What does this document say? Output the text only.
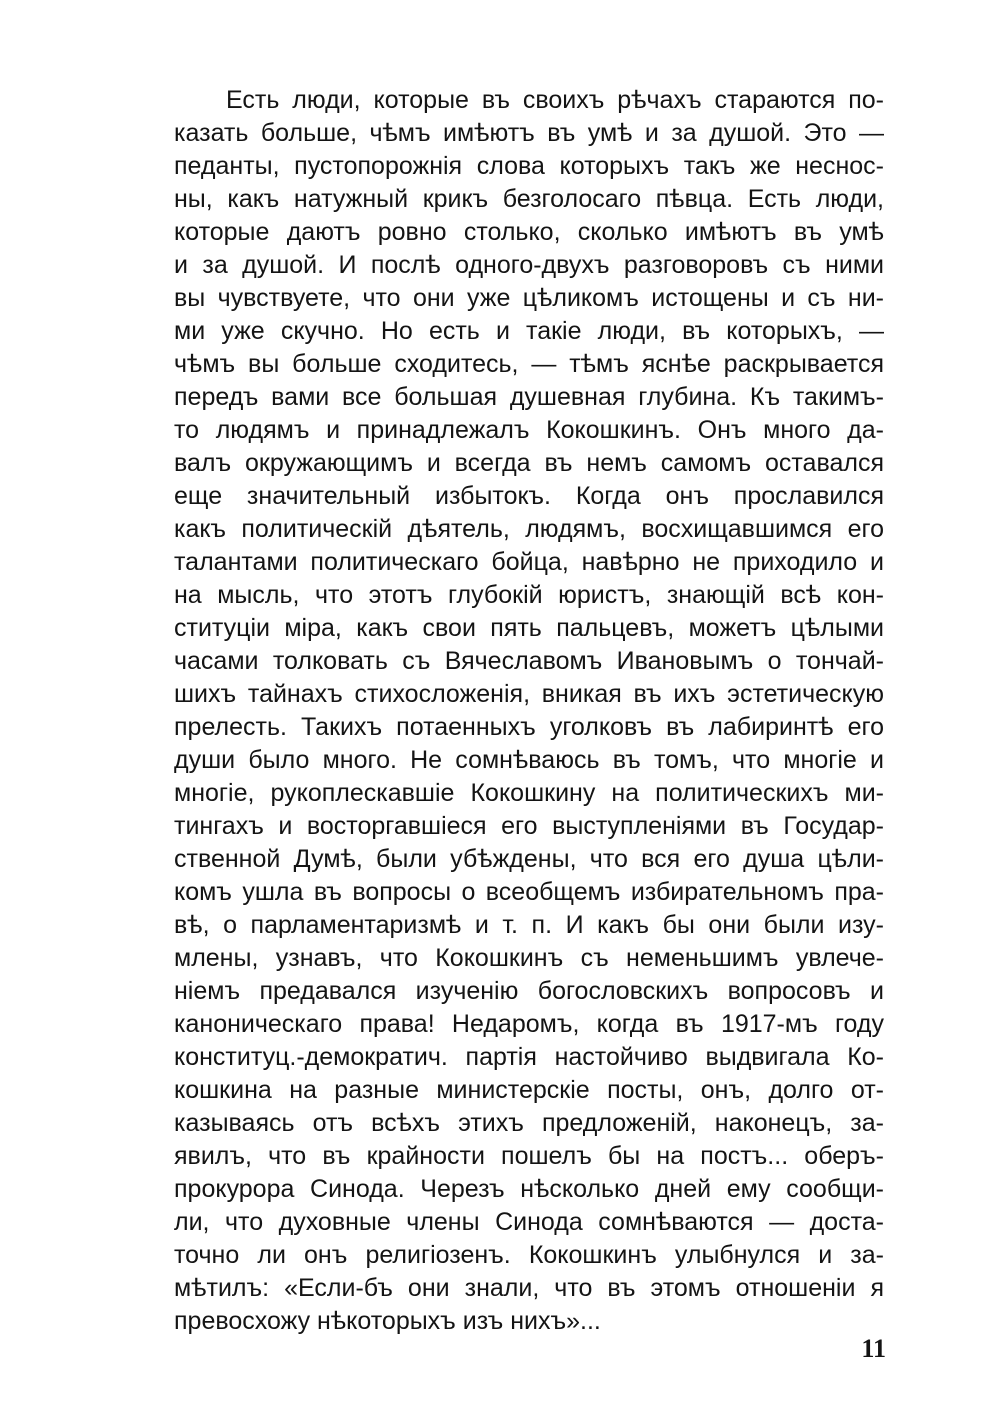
Есть люди, которые въ своихъ рѣчахъ стараются по-
казать больше, чѣмъ имѣютъ въ умѣ и за душой. Это —
педанты, пустопорожнія слова которыхъ такъ же неснос-
ны, какъ натужный крикъ безголосаго пѣвца. Есть люди,
которые даютъ ровно столько, сколько имѣютъ въ умѣ
и за душой. И послѣ одного-двухъ разговоровъ съ ними
вы чувствуете, что они уже цѣликомъ истощены и съ ни-
ми уже скучно. Но есть и такіе люди, въ которыхъ, —
чѣмъ вы больше сходитесь, — тѣмъ яснѣе раскрывается
передъ вами все большая душевная глубина. Къ такимъ-
то людямъ и принадлежалъ Кокошкинъ. Онъ много да-
валъ окружающимъ и всегда въ немъ самомъ оставался
еще значительный избытокъ. Когда онъ прославился
какъ политическій дѣятель, людямъ, восхищавшимся его
талантами политическаго бойца, навѣрно не приходило и
на мысль, что этотъ глубокій юристъ, знающій всѣ кон-
ституціи міра, какъ свои пять пальцевъ, можетъ цѣлыми
часами толковать съ Вячеславомъ Ивановымъ о тончай-
шихъ тайнахъ стихосложенія, вникая въ ихъ эстетическую
прелесть. Такихъ потаенныхъ уголковъ въ лабиринтѣ его
души было много. Не сомнѣваюсь въ томъ, что многіе и
многіе, рукоплескавшіе Кокошкину на политическихъ ми-
тингахъ и восторгавшіеся его выступленіями въ Государ-
ственной Думѣ, были убѣждены, что вся его душа цѣли-
комъ ушла въ вопросы о всеобщемъ избирательномъ пра-
вѣ, о парламентаризмѣ и т. п. И какъ бы они были изу-
млены, узнавъ, что Кокошкинъ съ неменьшимъ увлече-
ніемъ предавался изученію богословскихъ вопросовъ и
каноническаго права! Недаромъ, когда въ 1917-мъ году
конституц.-демократич. партія настойчиво выдвигала Ко-
кошкина на разные министерскіе посты, онъ, долго от-
казываясь отъ всѣхъ этихъ предложеній, наконецъ, за-
явилъ, что въ крайности пошелъ бы на постъ... оберъ-
прокурора Синода. Черезъ нѣсколько дней ему сообщи-
ли, что духовные члены Синода сомнѣваются — доста-
точно ли онъ религіозенъ. Кокошкинъ улыбнулся и за-
мѣтилъ: «Если-бъ они знали, что въ этомъ отношеніи я
превосхожу нѣкоторыхъ изъ нихъ»...
11
